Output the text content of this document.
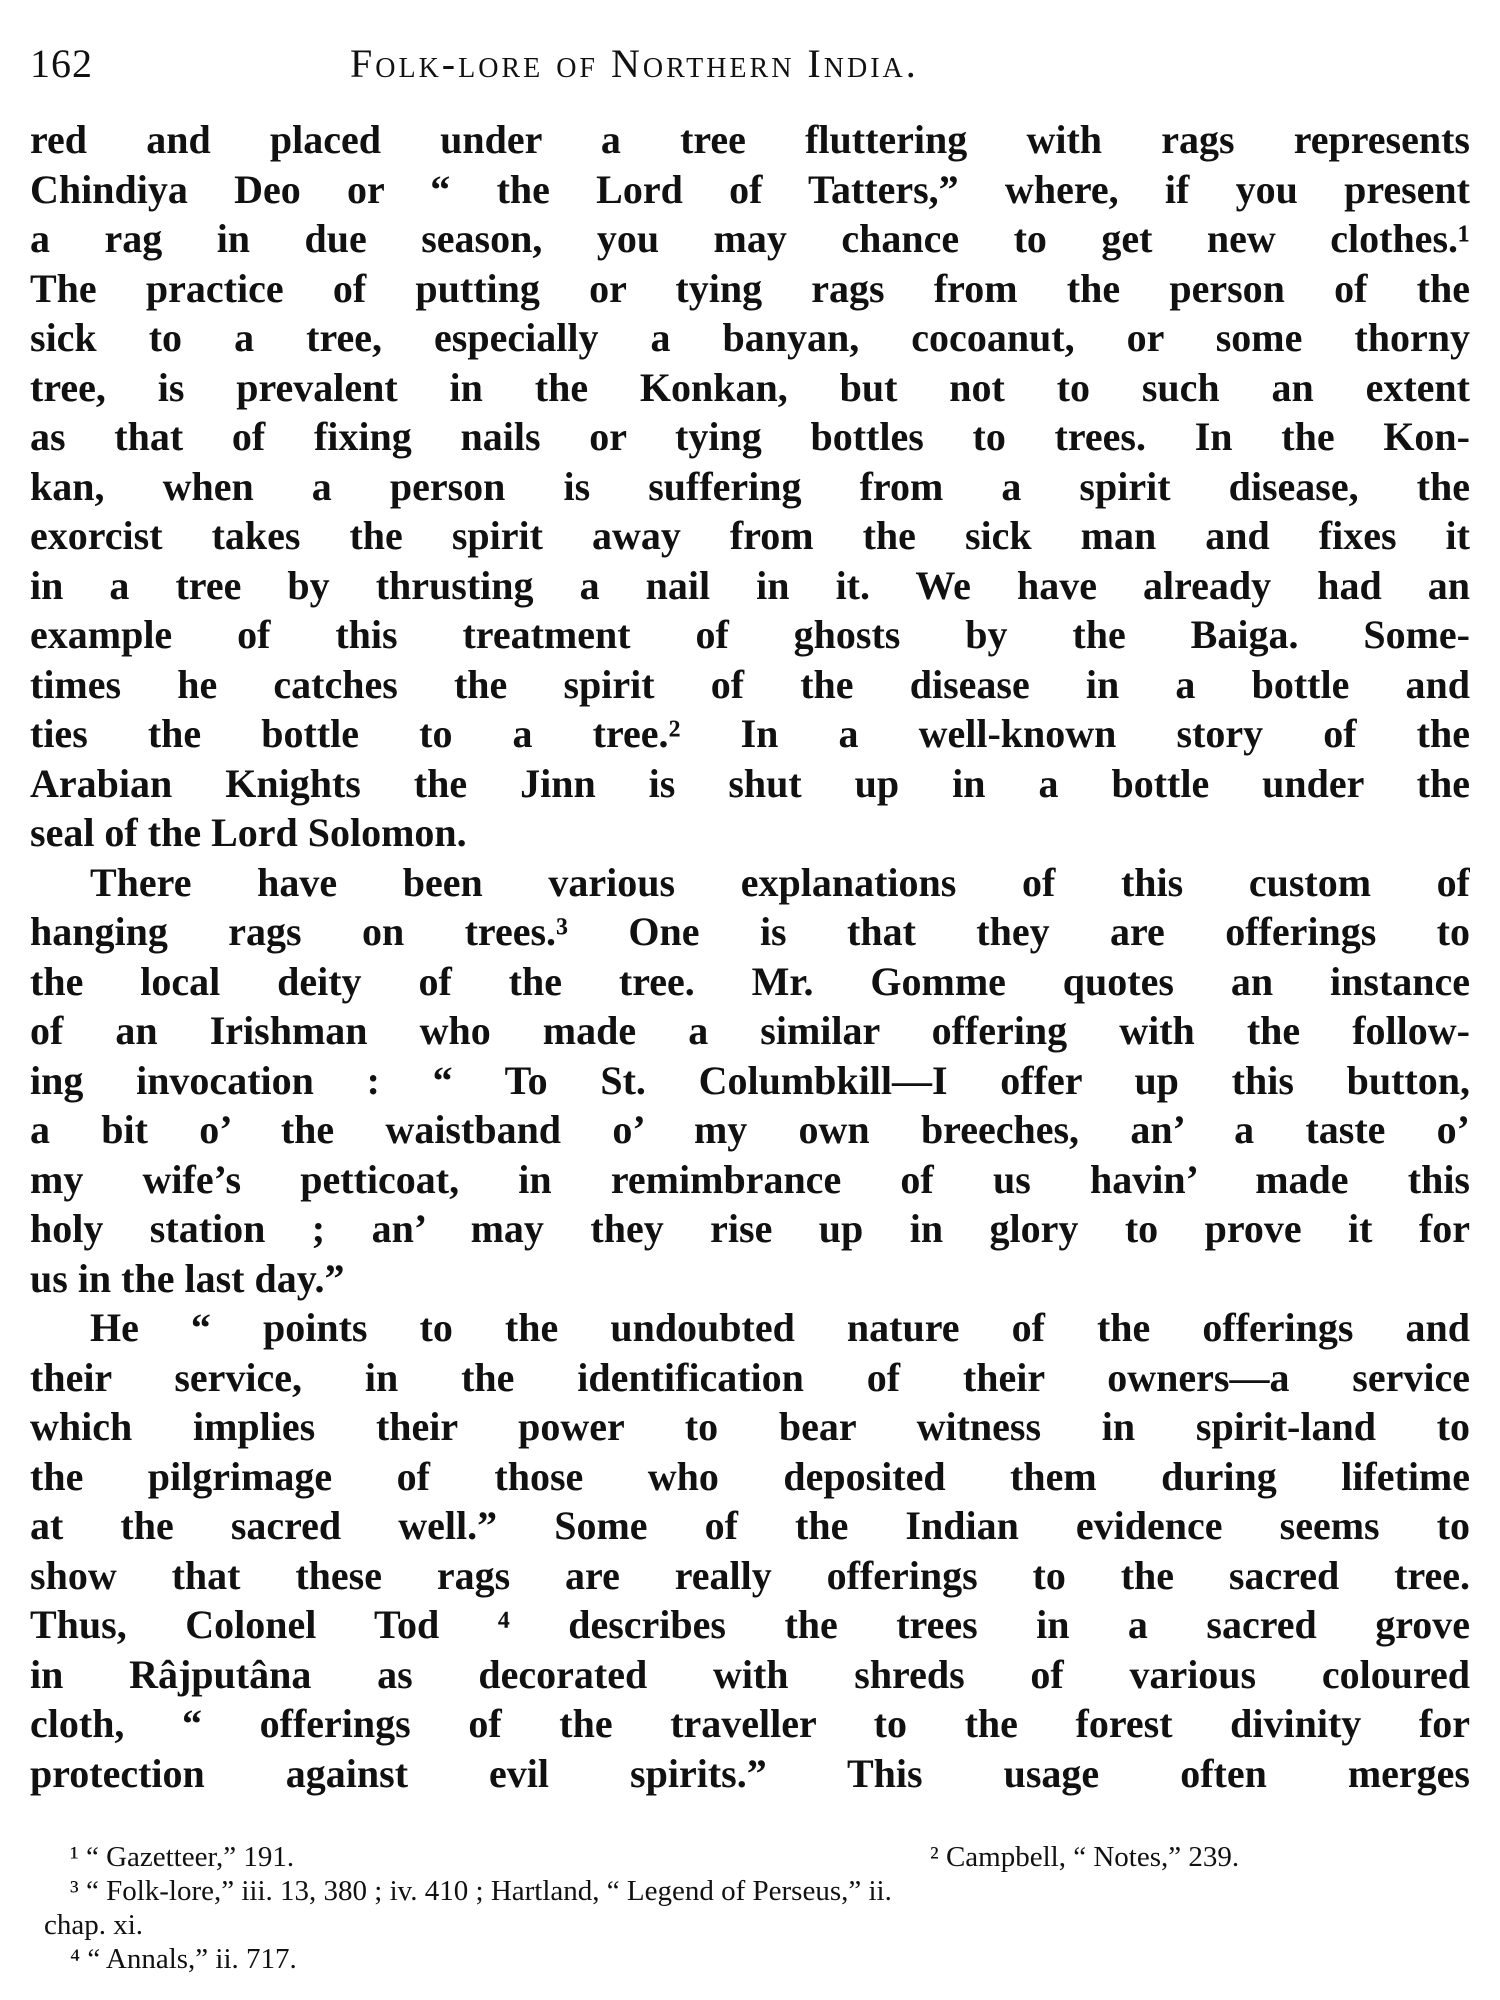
162	Folk-lore of Northern India.
red and placed under a tree fluttering with rags represents
Chindiya Deo or “ the Lord of Tatters,” where, if you present
a rag in due season, you may chance to get new clothes.¹
The practice of putting or tying rags from the person of the
sick to a tree, especially a banyan, cocoanut, or some thorny
tree, is prevalent in the Konkan, but not to such an extent
as that of fixing nails or tying bottles to trees. In the Kon-
kan, when a person is suffering from a spirit disease, the
exorcist takes the spirit away from the sick man and fixes it
in a tree by thrusting a nail in it. We have already had an
example of this treatment of ghosts by the Baiga. Some-
times he catches the spirit of the disease in a bottle and
ties the bottle to a tree.² In a well-known story of the
Arabian Knights the Jinn is shut up in a bottle under the
seal of the Lord Solomon.
There have been various explanations of this custom of
hanging rags on trees.³ One is that they are offerings to
the local deity of the tree. Mr. Gomme quotes an instance
of an Irishman who made a similar offering with the follow-
ing invocation : “ To St. Columbkill—I offer up this button,
a bit o’ the waistband o’ my own breeches, an’ a taste o’
my wife’s petticoat, in remimbrance of us havin’ made this
holy station ; an’ may they rise up in glory to prove it for
us in the last day.”
He “ points to the undoubted nature of the offerings and
their service, in the identification of their owners—a service
which implies their power to bear witness in spirit-land to
the pilgrimage of those who deposited them during lifetime
at the sacred well.” Some of the Indian evidence seems to
show that these rags are really offerings to the sacred tree.
Thus, Colonel Tod ⁴ describes the trees in a sacred grove
in Râjputâna as decorated with shreds of various coloured
cloth, “ offerings of the traveller to the forest divinity for
protection against evil spirits.” This usage often merges
¹ “ Gazetteer,” 191.	² Campbell, “ Notes,” 239.
³ “ Folk-lore,” iii. 13, 380 ; iv. 410 ; Hartland, “ Legend of Perseus,” ii.
chap. xi.
⁴ “ Annals,” ii. 717.
